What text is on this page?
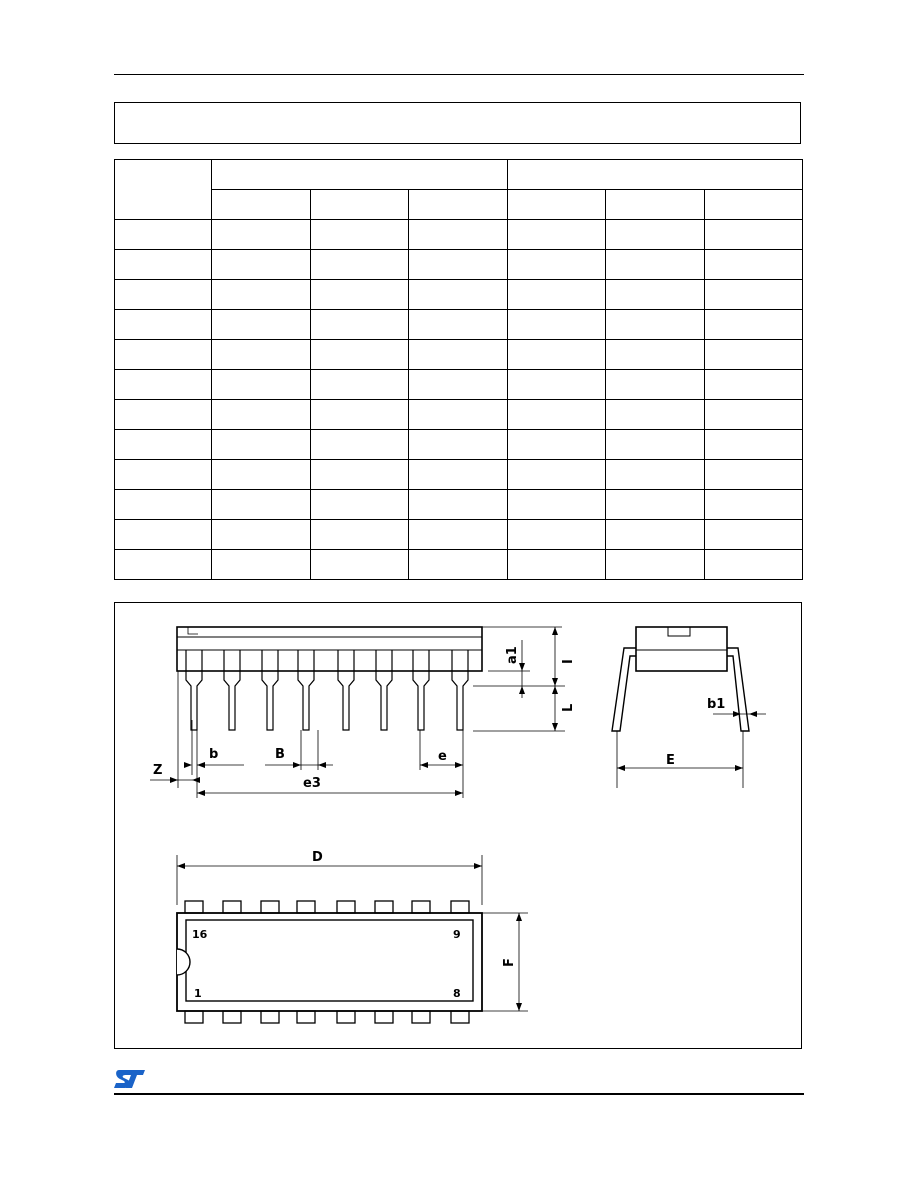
a1	I
L	b1
E
Z
b	B	e
e3
D
F
16	9
1	8
